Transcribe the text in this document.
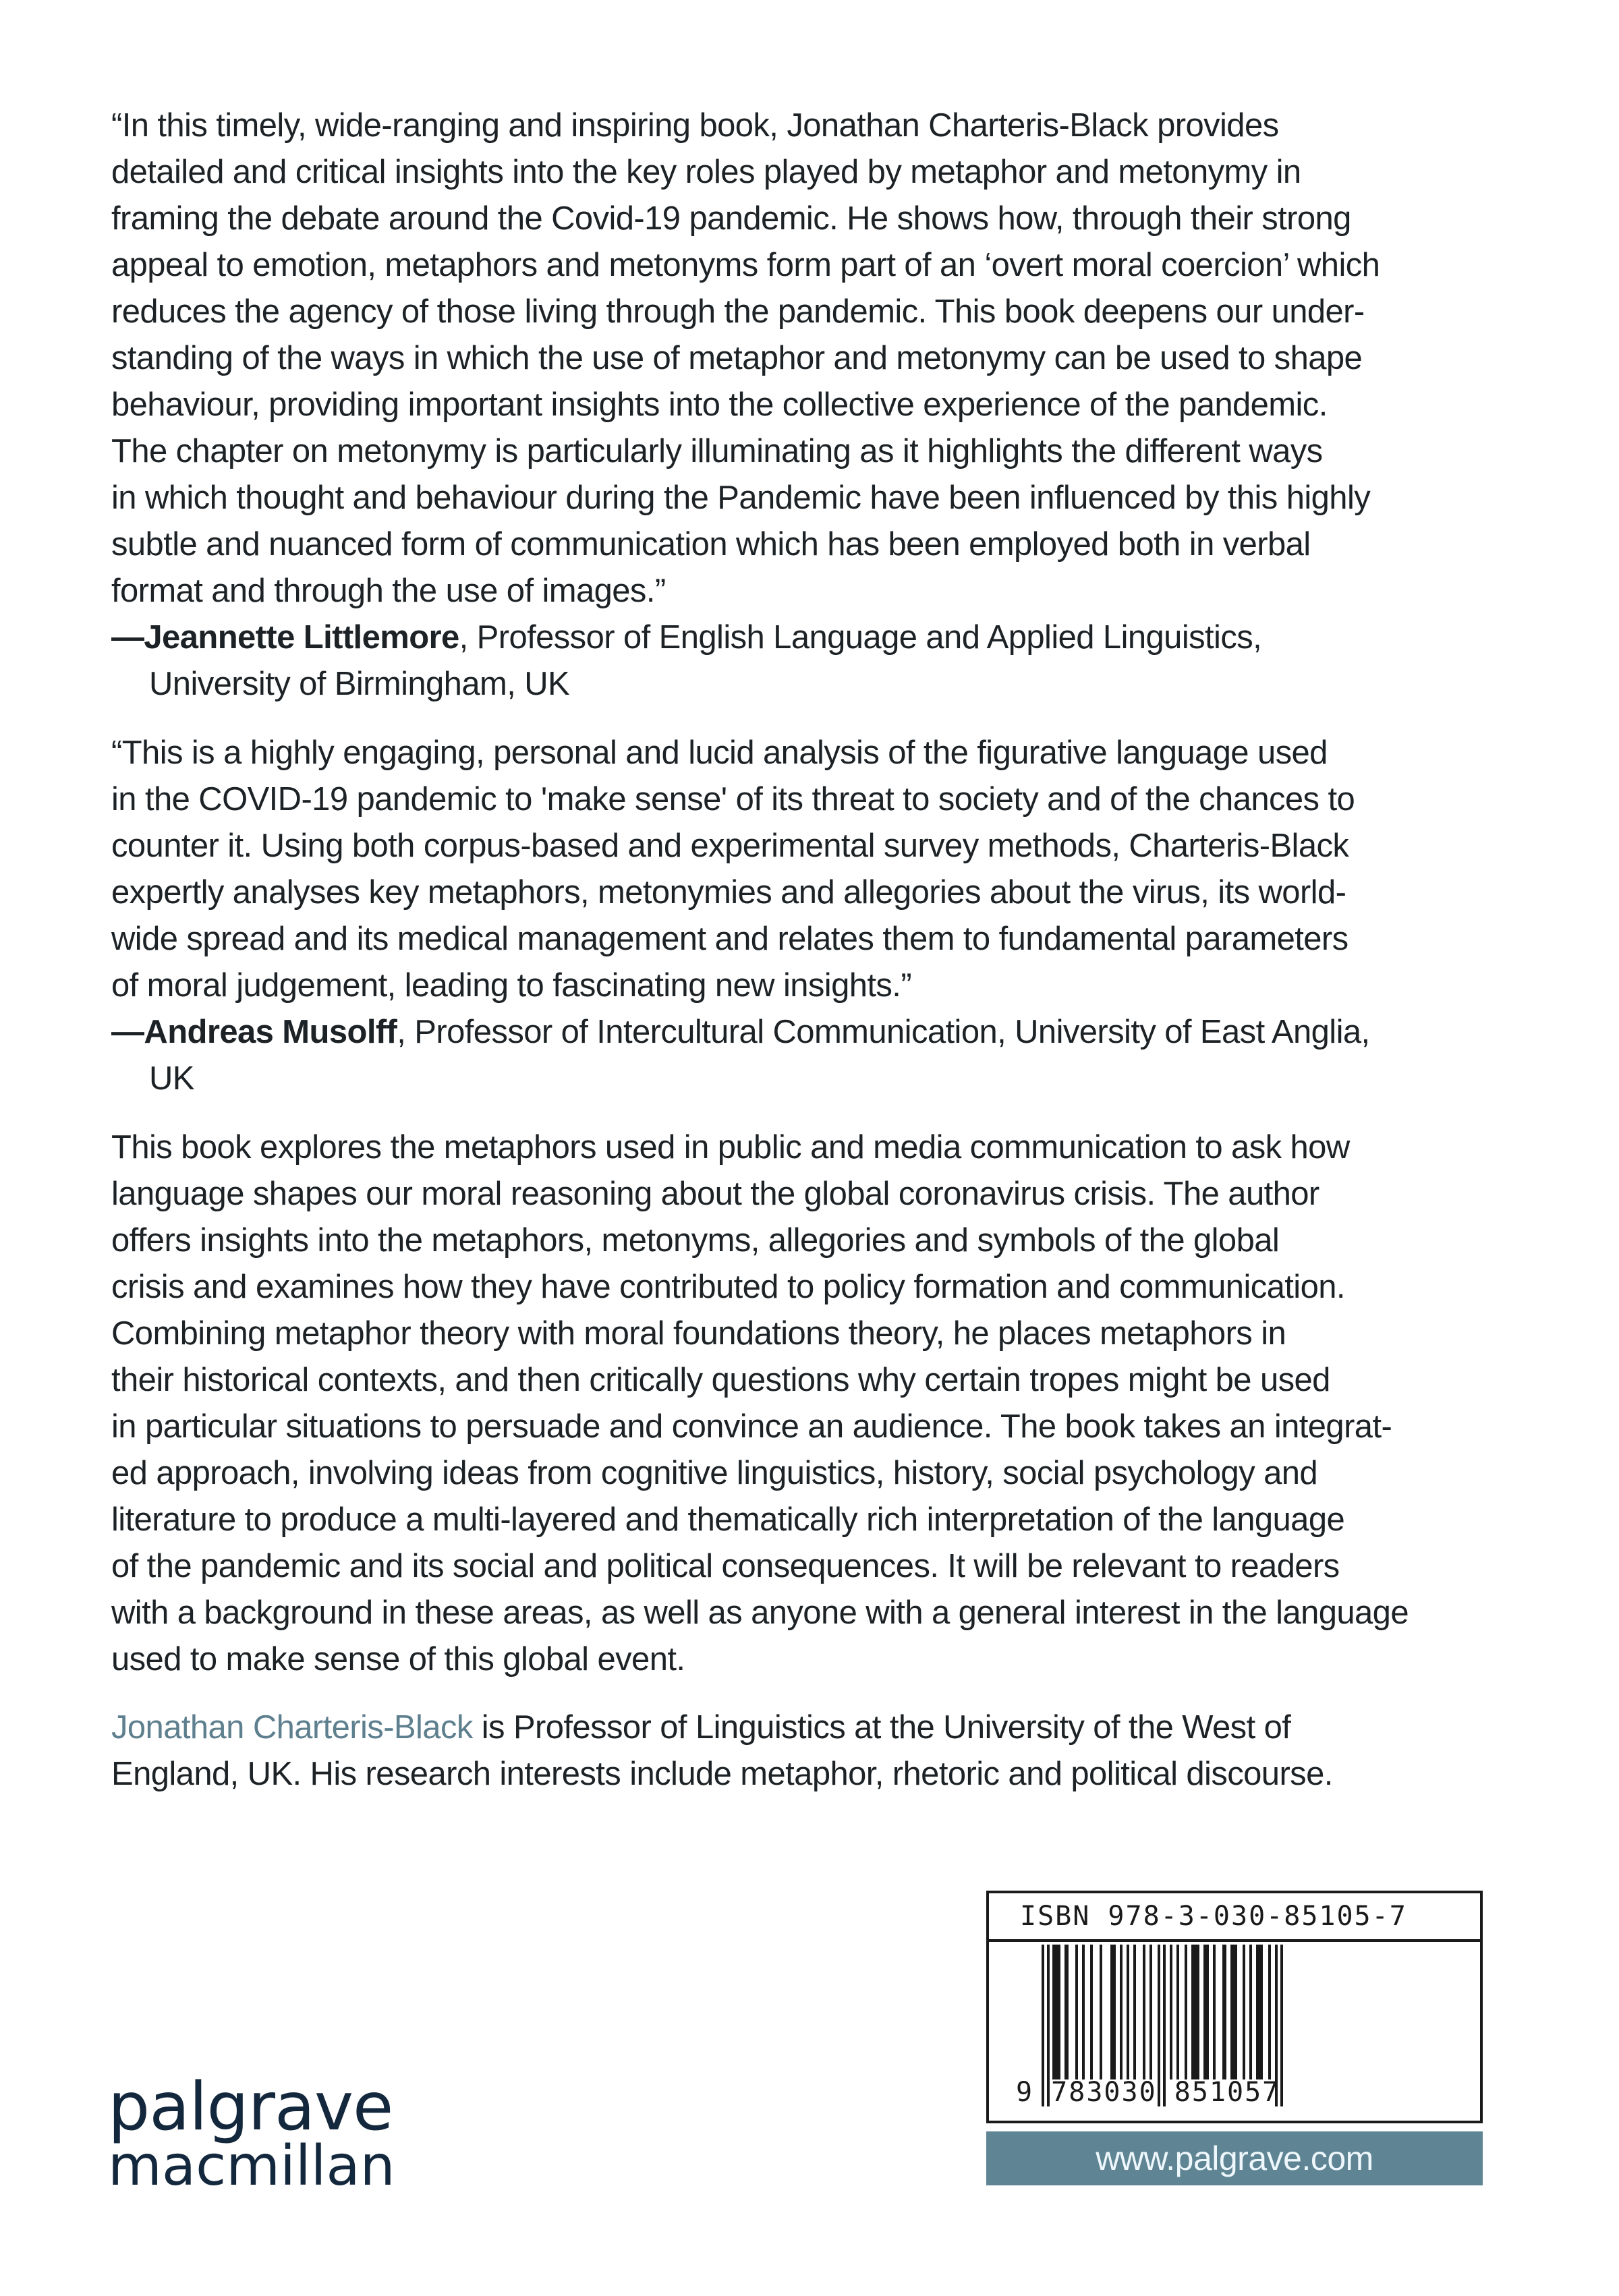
“In this timely, wide-ranging and inspiring book, Jonathan Charteris-Black provides
detailed and critical insights into the key roles played by metaphor and metonymy in
framing the debate around the Covid-19 pandemic. He shows how, through their strong
appeal to emotion, metaphors and metonyms form part of an ‘overt moral coercion’ which
reduces the agency of those living through the pandemic. This book deepens our under-
standing of the ways in which the use of metaphor and metonymy can be used to shape
behaviour, providing important insights into the collective experience of the pandemic.
The chapter on metonymy is particularly illuminating as it highlights the different ways
in which thought and behaviour during the Pandemic have been influenced by this highly
subtle and nuanced form of communication which has been employed both in verbal
format and through the use of images.”
—Jeannette Littlemore, Professor of English Language and Applied Linguistics,
University of Birmingham, UK
“This is a highly engaging, personal and lucid analysis of the figurative language used
in the COVID-19 pandemic to 'make sense' of its threat to society and of the chances to
counter it. Using both corpus-based and experimental survey methods, Charteris-Black
expertly analyses key metaphors, metonymies and allegories about the virus, its world-
wide spread and its medical management and relates them to fundamental parameters
of moral judgement, leading to fascinating new insights.”
—Andreas Musolff, Professor of Intercultural Communication, University of East Anglia,
UK
This book explores the metaphors used in public and media communication to ask how
language shapes our moral reasoning about the global coronavirus crisis. The author
offers insights into the metaphors, metonyms, allegories and symbols of the global
crisis and examines how they have contributed to policy formation and communication.
Combining metaphor theory with moral foundations theory, he places metaphors in
their historical contexts, and then critically questions why certain tropes might be used
in particular situations to persuade and convince an audience. The book takes an integrat-
ed approach, involving ideas from cognitive linguistics, history, social psychology and
literature to produce a multi-layered and thematically rich interpretation of the language
of the pandemic and its social and political consequences. It will be relevant to readers
with a background in these areas, as well as anyone with a general interest in the language
used to make sense of this global event.
Jonathan Charteris-Black is Professor of Linguistics at the University of the West of
England, UK. His research interests include metaphor, rhetoric and political discourse.
palgrave
macmillan
ISBN 978-3-030-85105-7
9 783030 851057
www.palgrave.com
